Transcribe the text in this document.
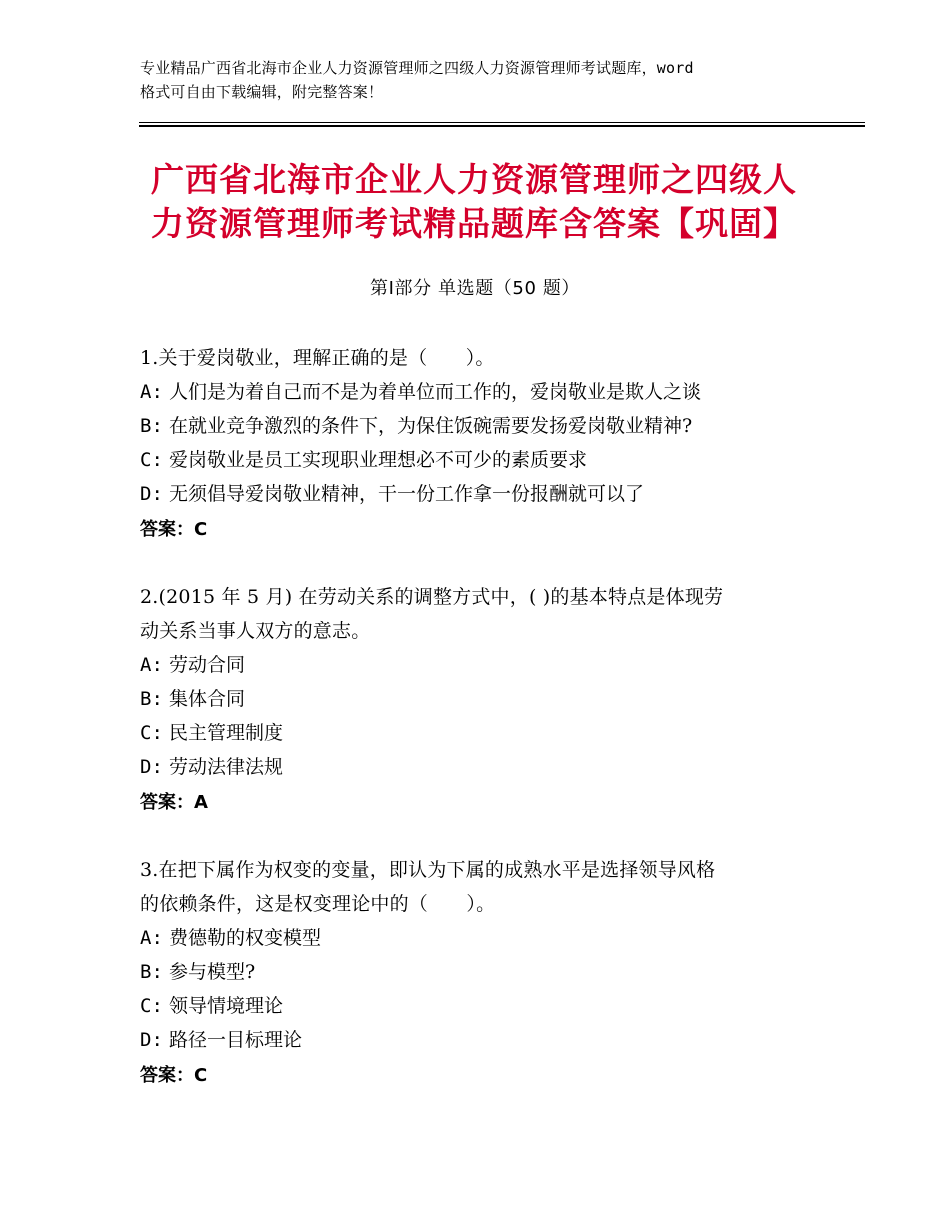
专业精品广西省北海市企业人力资源管理师之四级人力资源管理师考试题库，word
格式可自由下载编辑，附完整答案！
广西省北海市企业人力资源管理师之四级人
力资源管理师考试精品题库含答案【巩固】
第Ⅰ部分 单选题（50 题）
1.关于爱岗敬业，理解正确的是（　　）。
A: 人们是为着自己而不是为着单位而工作的，爱岗敬业是欺人之谈
B: 在就业竞争激烈的条件下，为保住饭碗需要发扬爱岗敬业精神?
C: 爱岗敬业是员工实现职业理想必不可少的素质要求
D: 无须倡导爱岗敬业精神，干一份工作拿一份报酬就可以了
答案：C
2.(2015 年 5 月) 在劳动关系的调整方式中，( )的基本特点是体现劳
动关系当事人双方的意志。
A: 劳动合同
B: 集体合同
C: 民主管理制度
D: 劳动法律法规
答案：A
3.在把下属作为权变的变量，即认为下属的成熟水平是选择领导风格
的依赖条件，这是权变理论中的（　　）。
A: 费德勒的权变模型
B: 参与模型?
C: 领导情境理论
D: 路径一目标理论
答案：C
